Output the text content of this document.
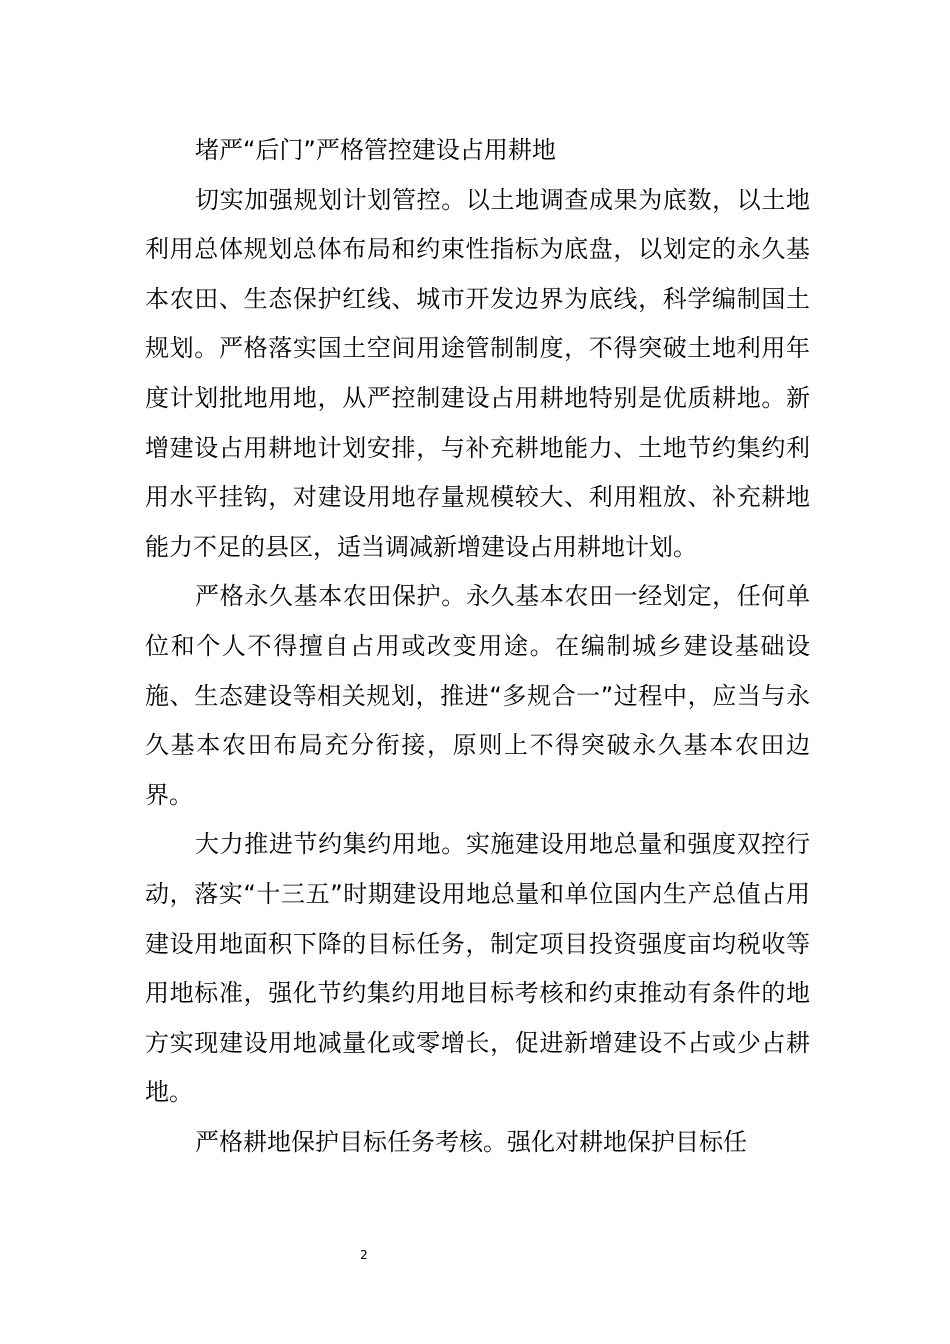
堵严“后门”严格管控建设占用耕地

切实加强规划计划管控。以土地调查成果为底数，以土地利用总体规划总体布局和约束性指标为底盘，以划定的永久基本农田、生态保护红线、城市开发边界为底线，科学编制国土规划。严格落实国土空间用途管制制度，不得突破土地利用年度计划批地用地，从严控制建设占用耕地特别是优质耕地。新增建设占用耕地计划安排，与补充耕地能力、土地节约集约利用水平挂钩，对建设用地存量规模较大、利用粗放、补充耕地能力不足的县区，适当调减新增建设占用耕地计划。

严格永久基本农田保护。永久基本农田一经划定，任何单位和个人不得擅自占用或改变用途。在编制城乡建设基础设施、生态建设等相关规划，推进“多规合一”过程中，应当与永久基本农田布局充分衔接，原则上不得突破永久基本农田边界。

大力推进节约集约用地。实施建设用地总量和强度双控行动，落实“十三五”时期建设用地总量和单位国内生产总值占用建设用地面积下降的目标任务，制定项目投资强度亩均税收等用地标准，强化节约集约用地目标考核和约束推动有条件的地方实现建设用地减量化或零增长，促进新增建设不占或少占耕地。

严格耕地保护目标任务考核。强化对耕地保护目标任

2
